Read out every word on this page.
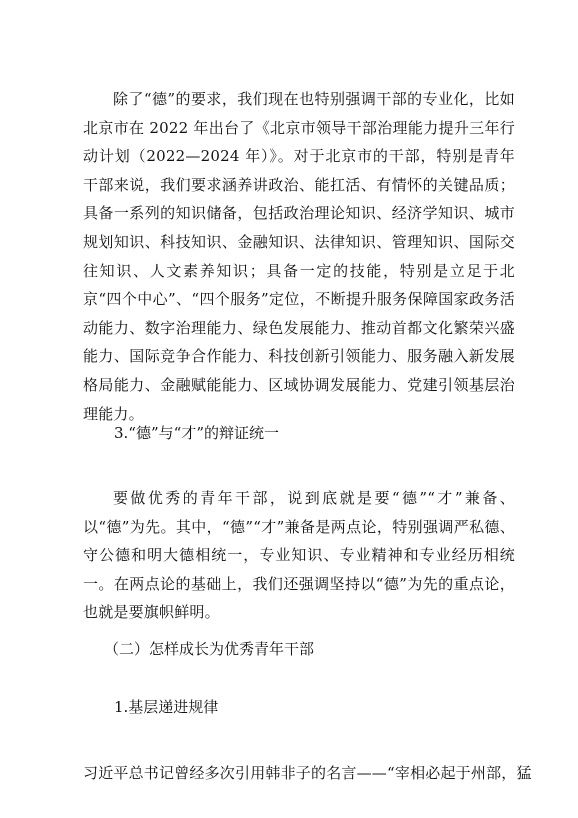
除了“德”的要求，我们现在也特别强调干部的专业化，比如北京市在 2022 年出台了《北京市领导干部治理能力提升三年行动计划（2022—2024 年）》。对于北京市的干部，特别是青年干部来说，我们要求涵养讲政治、能扛活、有情怀的关键品质；具备一系列的知识储备，包括政治理论知识、经济学知识、城市规划知识、科技知识、金融知识、法律知识、管理知识、国际交往知识、人文素养知识；具备一定的技能，特别是立足于北京“四个中心”、“四个服务”定位，不断提升服务保障国家政务活动能力、数字治理能力、绿色发展能力、推动首都文化繁荣兴盛能力、国际竞争合作能力、科技创新引领能力、服务融入新发展格局能力、金融赋能能力、区域协调发展能力、党建引领基层治理能力。

3.“德”与“才”的辩证统一

要做优秀的青年干部，说到底就是要“德”“才”兼备、以“德”为先。其中，“德”“才”兼备是两点论，特别强调严私德、守公德和明大德相统一，专业知识、专业精神和专业经历相统一。在两点论的基础上，我们还强调坚持以“德”为先的重点论，也就是要旗帜鲜明。

（二）怎样成长为优秀青年干部

1.基层递进规律

习近平总书记曾经多次引用韩非子的名言——“宰相必起于州部，猛
